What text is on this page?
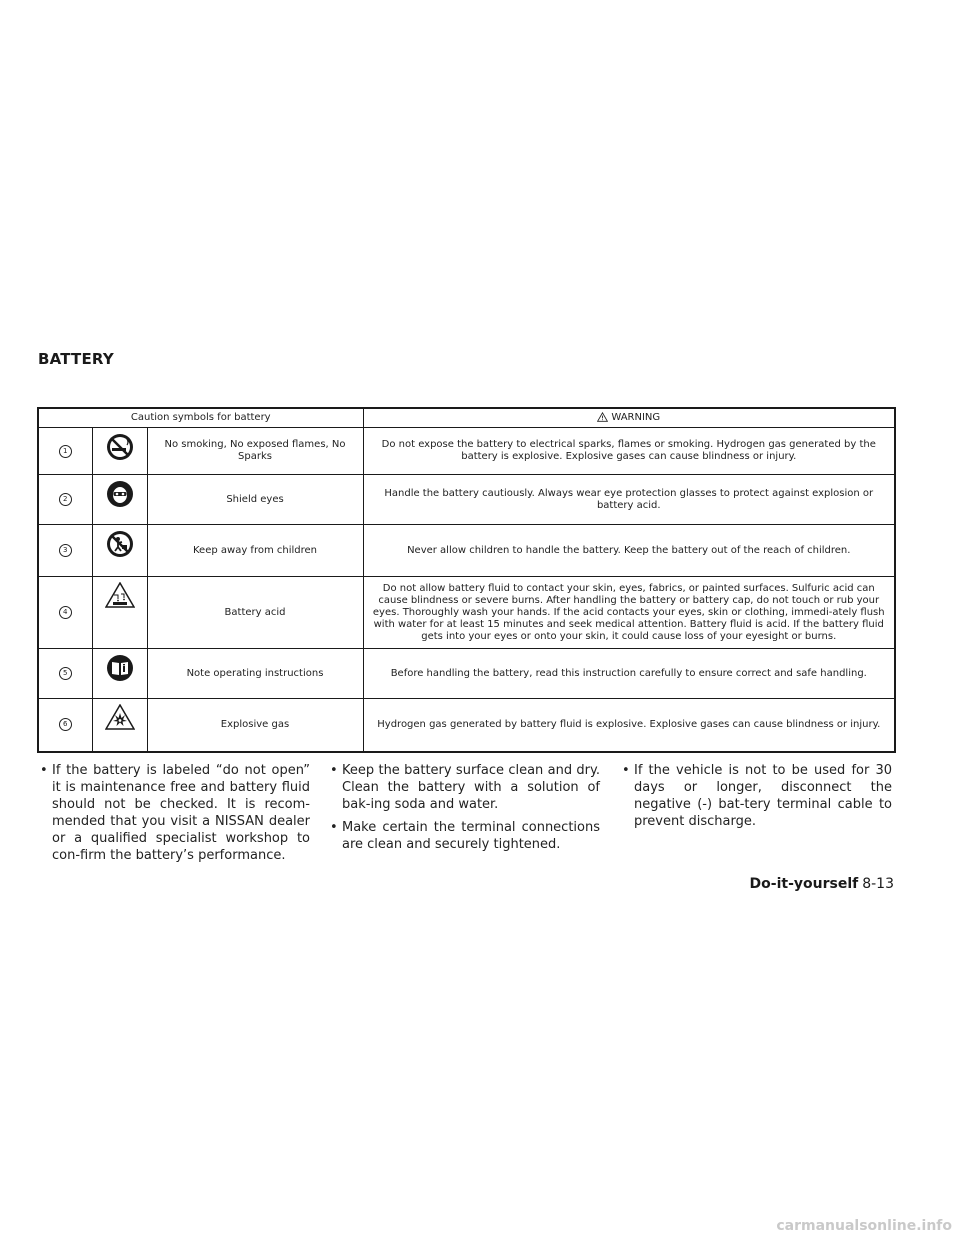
BATTERY
Caution symbols for battery			WARNING
1		No smoking, No exposed flames, No Sparks	Do not expose the battery to electrical sparks, flames or smoking. Hydrogen gas generated by the battery is explosive. Explosive gases can cause blindness or injury.
2		Shield eyes	Handle the battery cautiously. Always wear eye protection glasses to protect against explosion or battery acid.
3		Keep away from children	Never allow children to handle the battery. Keep the battery out of the reach of children.
4		Battery acid	Do not allow battery fluid to contact your skin, eyes, fabrics, or painted surfaces. Sulfuric acid can cause blindness or severe burns. After handling the battery or battery cap, do not touch or rub your eyes. Thoroughly wash your hands. If the acid contacts your eyes, skin or clothing, immedi-ately flush with water for at least 15 minutes and seek medical attention. Battery fluid is acid. If the battery fluid gets into your eyes or onto your skin, it could cause loss of your eyesight or burns.
5		Note operating instructions	Before handling the battery, read this instruction carefully to ensure correct and safe handling.
6		Explosive gas	Hydrogen gas generated by battery fluid is explosive. Explosive gases can cause blindness or injury.
• If the battery is labeled “do not open” it is maintenance free and battery fluid should not be checked. It is recom-mended that you visit a NISSAN dealer or a qualified specialist workshop to con-firm the battery’s performance.
• Keep the battery surface clean and dry. Clean the battery with a solution of bak-ing soda and water.
• Make certain the terminal connections are clean and securely tightened.
• If the vehicle is not to be used for 30 days or longer, disconnect the negative (-) bat-tery terminal cable to prevent discharge.
Do-it-yourself 8-13
carmanualsonline.info
